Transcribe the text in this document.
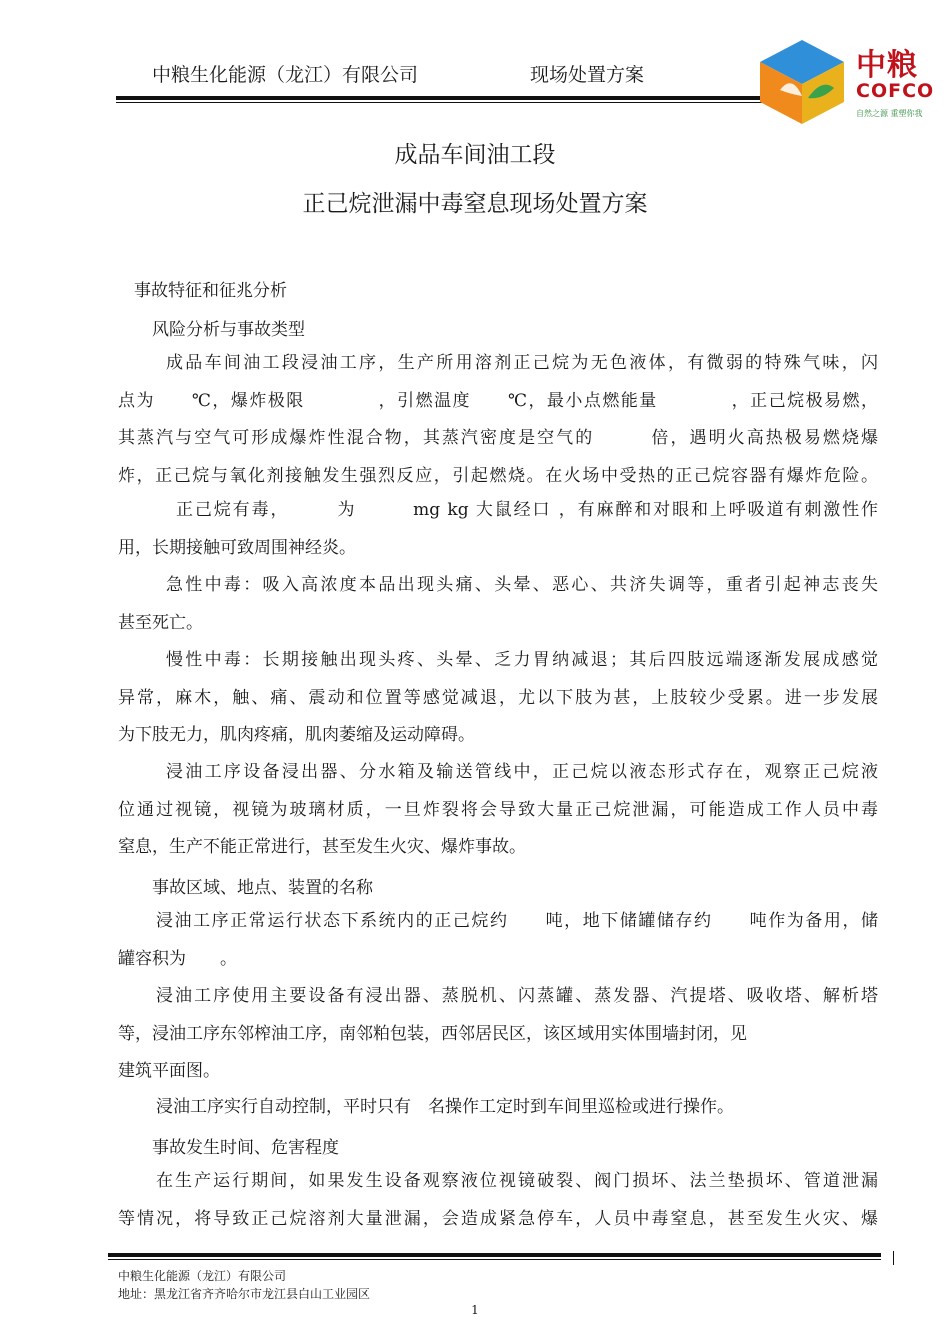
中粮生化能源（龙江）有限公司	现场处置方案	中粮
COFCO
自然之源 重塑你我
成品车间油工段
正己烷泄漏中毒窒息现场处置方案
事故特征和征兆分析
风险分析与事故类型
成品车间油工段浸油工序，生产所用溶剂正己烷为无色液体，有微弱的特殊气味，闪
点为　　℃，爆炸极限　　　　，引燃温度　　℃，最小点燃能量　　　　，正己烷极易燃，
其蒸汽与空气可形成爆炸性混合物，其蒸汽密度是空气的　　　倍，遇明火高热极易燃烧爆
炸，正己烷与氧化剂接触发生强烈反应，引起燃烧。在火场中受热的正己烷容器有爆炸危险。
正己烷有毒，　　　为　　　mg kg 大鼠经口 ，有麻醉和对眼和上呼吸道有刺激性作
用，长期接触可致周围神经炎。
急性中毒：吸入高浓度本品出现头痛、头晕、恶心、共济失调等，重者引起神志丧失
甚至死亡。
慢性中毒：长期接触出现头疼、头晕、乏力胃纳减退；其后四肢远端逐渐发展成感觉
异常，麻木，触、痛、震动和位置等感觉减退，尤以下肢为甚，上肢较少受累。进一步发展
为下肢无力，肌肉疼痛，肌肉萎缩及运动障碍。
浸油工序设备浸出器、分水箱及输送管线中，正己烷以液态形式存在，观察正己烷液
位通过视镜，视镜为玻璃材质，一旦炸裂将会导致大量正己烷泄漏，可能造成工作人员中毒
窒息，生产不能正常进行，甚至发生火灾、爆炸事故。
事故区域、地点、装置的名称
浸油工序正常运行状态下系统内的正己烷约　　吨，地下储罐储存约　　吨作为备用，储
罐容积为　　。
浸油工序使用主要设备有浸出器、蒸脱机、闪蒸罐、蒸发器、汽提塔、吸收塔、解析塔
等，浸油工序东邻榨油工序，南邻粕包装，西邻居民区，该区域用实体围墙封闭，见
建筑平面图。
浸油工序实行自动控制，平时只有　名操作工定时到车间里巡检或进行操作。
事故发生时间、危害程度
在生产运行期间，如果发生设备观察液位视镜破裂、阀门损坏、法兰垫损坏、管道泄漏
等情况，将导致正己烷溶剂大量泄漏，会造成紧急停车，人员中毒窒息，甚至发生火灾、爆
中粮生化能源（龙江）有限公司
地址：黑龙江省齐齐哈尔市龙江县白山工业园区
1
